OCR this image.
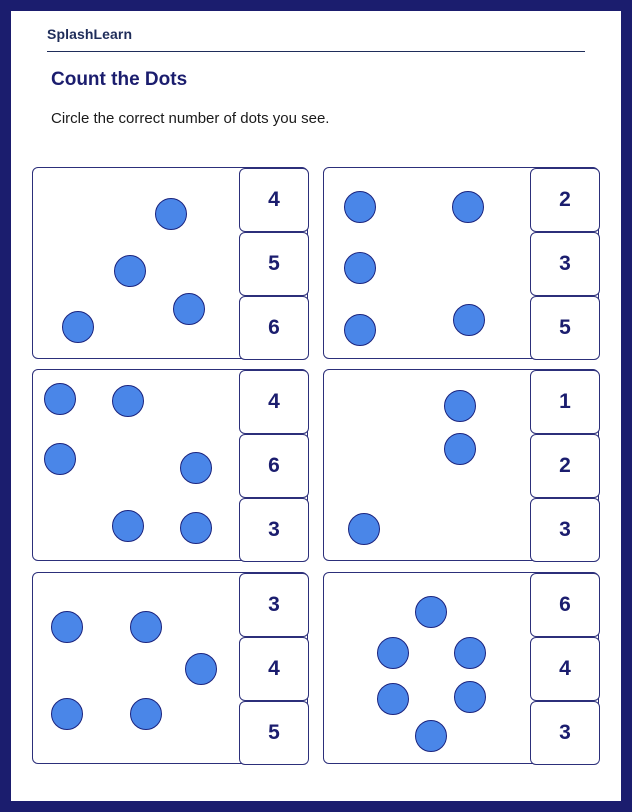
SplashLearn
Count the Dots
Circle the correct number of dots you see.
4
5
6
2
3
5
4
6
3
1
2
3
3
4
5
6
4
3
